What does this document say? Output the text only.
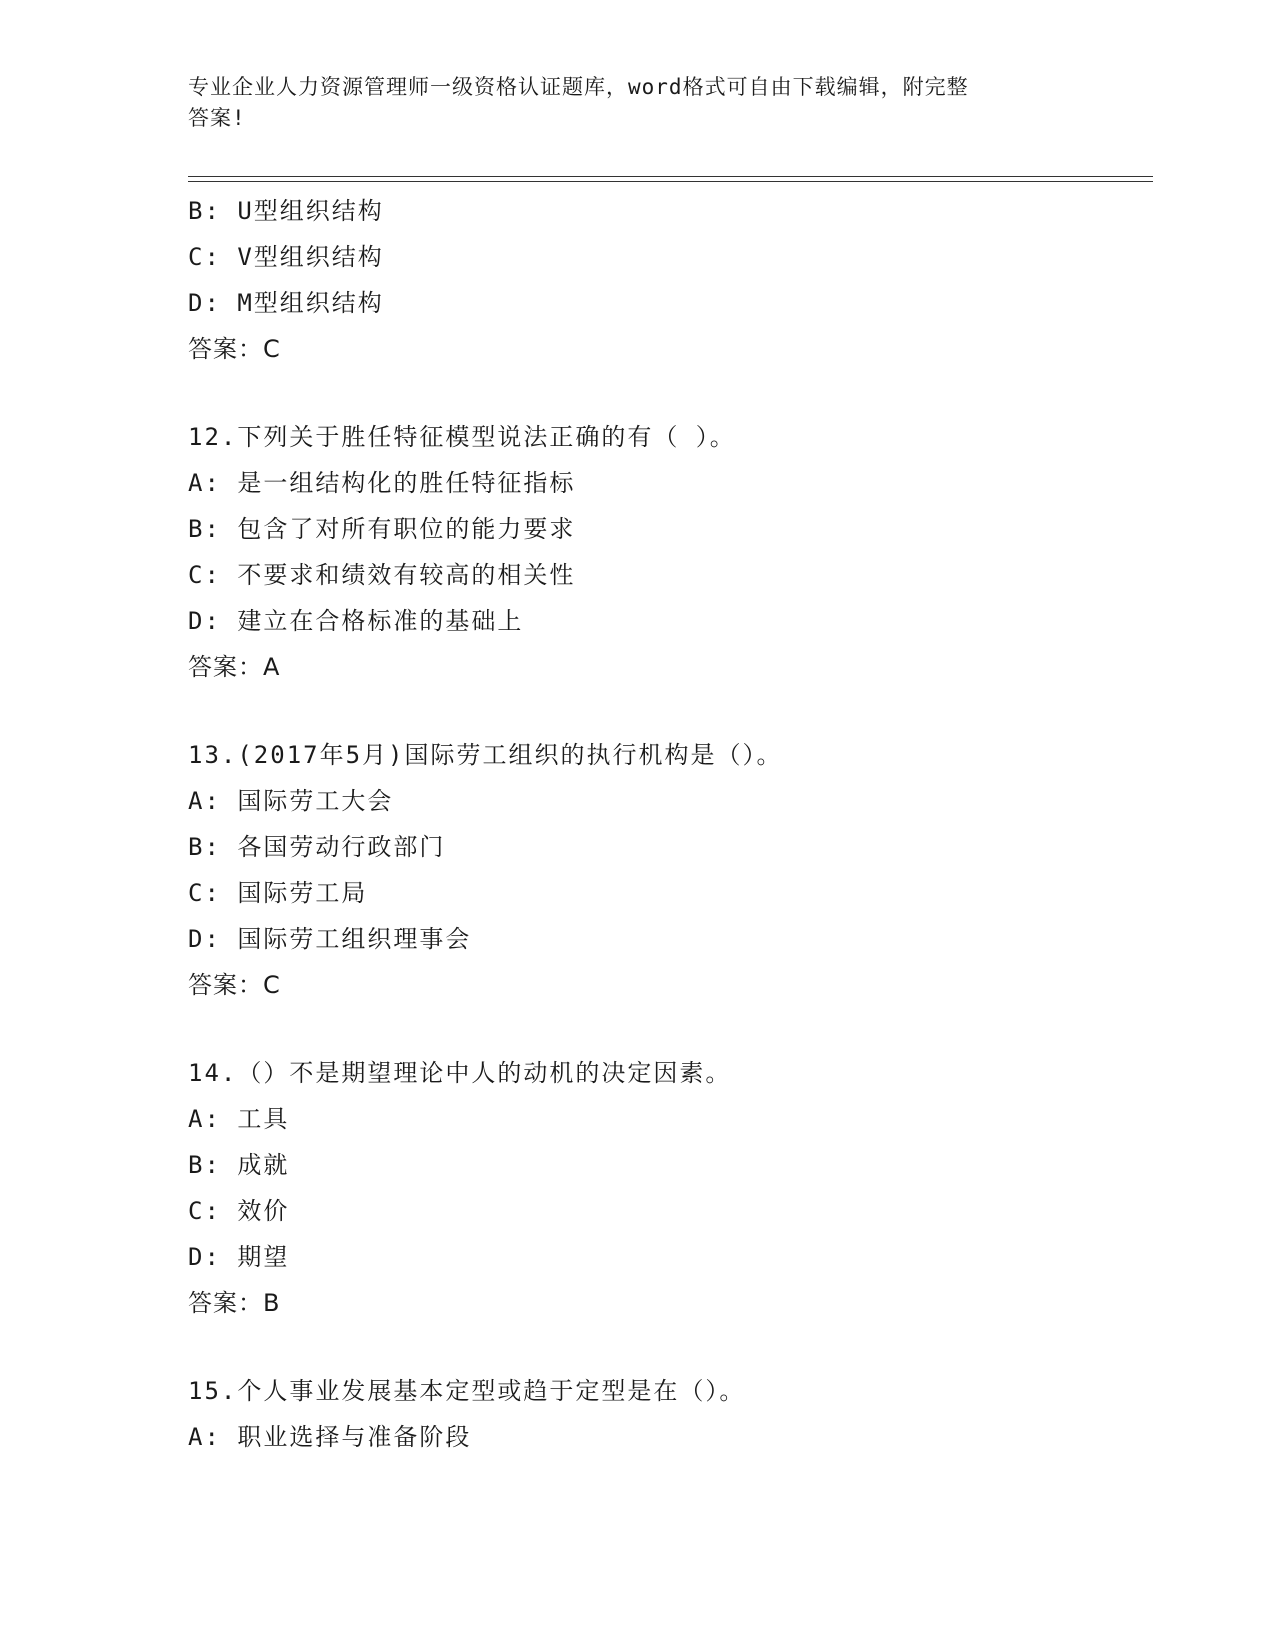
专业企业人力资源管理师一级资格认证题库，word格式可自由下载编辑，附完整
答案!
B: U型组织结构
C: V型组织结构
D: M型组织结构
答案：C
12.下列关于胜任特征模型说法正确的有（ ）。
A: 是一组结构化的胜任特征指标
B: 包含了对所有职位的能力要求
C: 不要求和绩效有较高的相关性
D: 建立在合格标准的基础上
答案：A
13.(2017年5月)国际劳工组织的执行机构是（）。
A: 国际劳工大会
B: 各国劳动行政部门
C: 国际劳工局
D: 国际劳工组织理事会
答案：C
14.（）不是期望理论中人的动机的决定因素。
A: 工具
B: 成就
C: 效价
D: 期望
答案：B
15.个人事业发展基本定型或趋于定型是在（）。
A: 职业选择与准备阶段
